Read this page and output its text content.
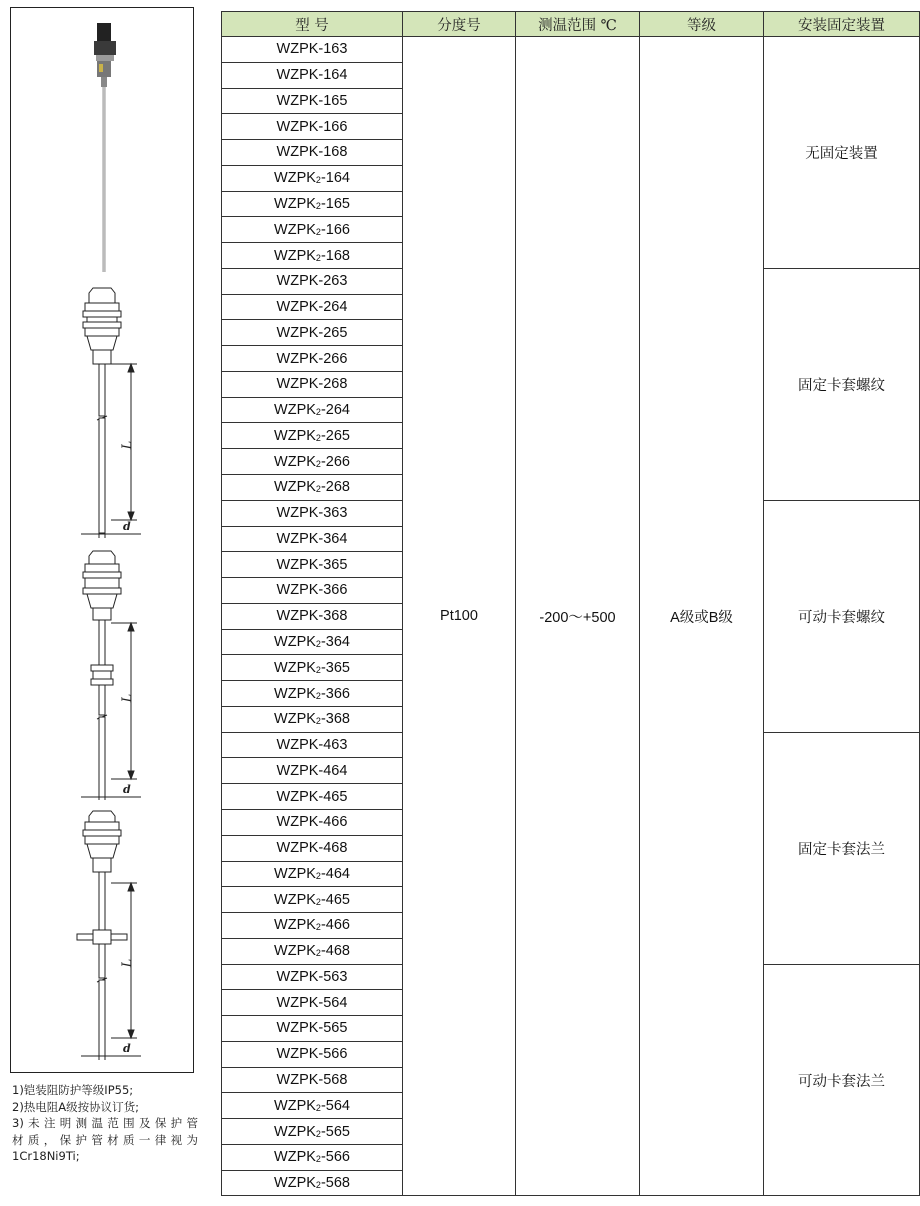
L
d
L
d
L
d
1)铠装阻防护等级IP55;
2)热电阻A级按协议订货;
3)未注明测温范围及保护管
材质，保护管材质一律视为
1Cr18Ni9Ti;
型 号	分度号	测温范围 ℃	等级	安装固定装置
WZPK-163	Pt100	-200～+500	A级或B级	无固定装置
WZPK-164				
WZPK-165				
WZPK-166				
WZPK-168				
$WZPK_2-164$				
$WZPK_2-165$				
$WZPK_2-166$				
$WZPK_2-168$				
WZPK-263				固定卡套螺纹
WZPK-264				
WZPK-265				
WZPK-266				
WZPK-268				
$WZPK_2-264$				
$WZPK_2-265$				
$WZPK_2-266$				
$WZPK_2-268$				
WZPK-363				可动卡套螺纹
WZPK-364				
WZPK-365				
WZPK-366				
WZPK-368				
$WZPK_2-364$				
$WZPK_2-365$				
$WZPK_2-366$				
$WZPK_2-368$				
WZPK-463				固定卡套法兰
WZPK-464				
WZPK-465				
WZPK-466				
WZPK-468				
$WZPK_2-464$				
$WZPK_2-465$				
$WZPK_2-466$				
$WZPK_2-468$				
WZPK-563				可动卡套法兰
WZPK-564				
WZPK-565				
WZPK-566				
WZPK-568				
$WZPK_2-564$				
$WZPK_2-565$				
$WZPK_2-566$				
$WZPK_2-568$				
